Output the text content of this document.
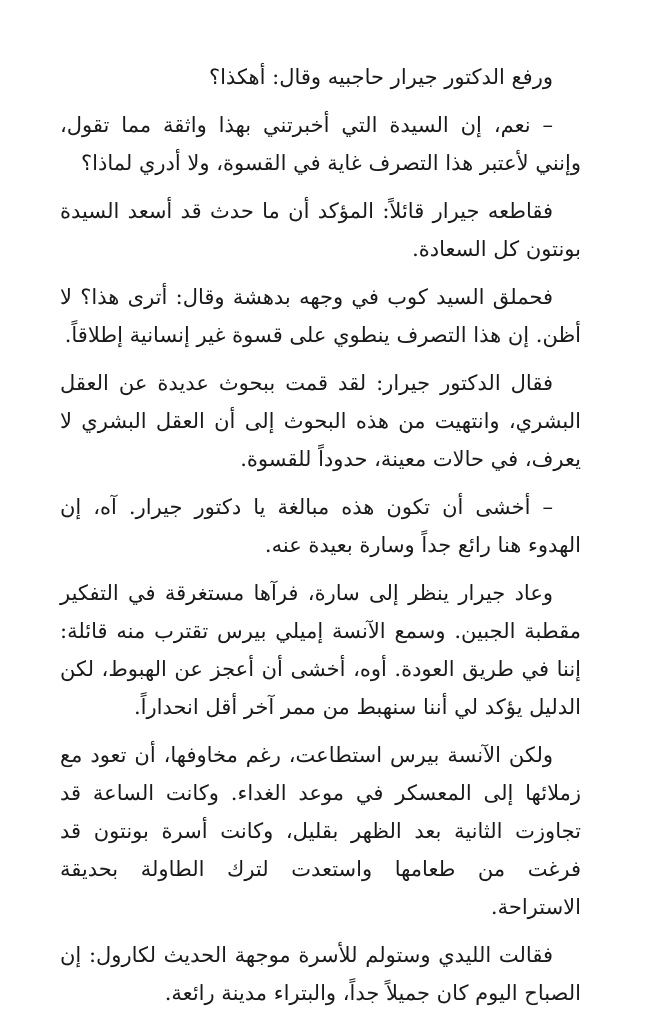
ورفع الدكتور جيرار حاجبيه وقال: أهكذا؟

– نعم، إن السيدة التي أخبرتني بهذا واثقة مما تقول، وإنني لأعتبر هذا التصرف غاية في القسوة، ولا أدري لماذا؟

فقاطعه جيرار قائلاً: المؤكد أن ما حدث قد أسعد السيدة بونتون كل السعادة.

فحملق السيد كوب في وجهه بدهشة وقال: أترى هذا؟ لا أظن. إن هذا التصرف ينطوي على قسوة غير إنسانية إطلاقاً.

فقال الدكتور جيرار: لقد قمت ببحوث عديدة عن العقل البشري، وانتهيت من هذه البحوث إلى أن العقل البشري لا يعرف، في حالات معينة، حدوداً للقسوة.

– أخشى أن تكون هذه مبالغة يا دكتور جيرار. آه، إن الهدوء هنا رائع جداً وسارة بعيدة عنه.

وعاد جيرار ينظر إلى سارة، فرآها مستغرقة في التفكير مقطبة الجبين. وسمع الآنسة إميلي بيرس تقترب منه قائلة: إننا في طريق العودة. أوه، أخشى أن أعجز عن الهبوط، لكن الدليل يؤكد لي أننا سنهبط من ممر آخر أقل انحداراً.

ولكن الآنسة بيرس استطاعت، رغم مخاوفها، أن تعود مع زملائها إلى المعسكر في موعد الغداء. وكانت الساعة قد تجاوزت الثانية بعد الظهر بقليل، وكانت أسرة بونتون قد فرغت من طعامها واستعدت لترك الطاولة بحديقة الاستراحة.

فقالت الليدي وستولم للأسرة موجهة الحديث لكارول: إن الصباح اليوم كان جميلاً جداً، والبتراء مدينة رائعة.
